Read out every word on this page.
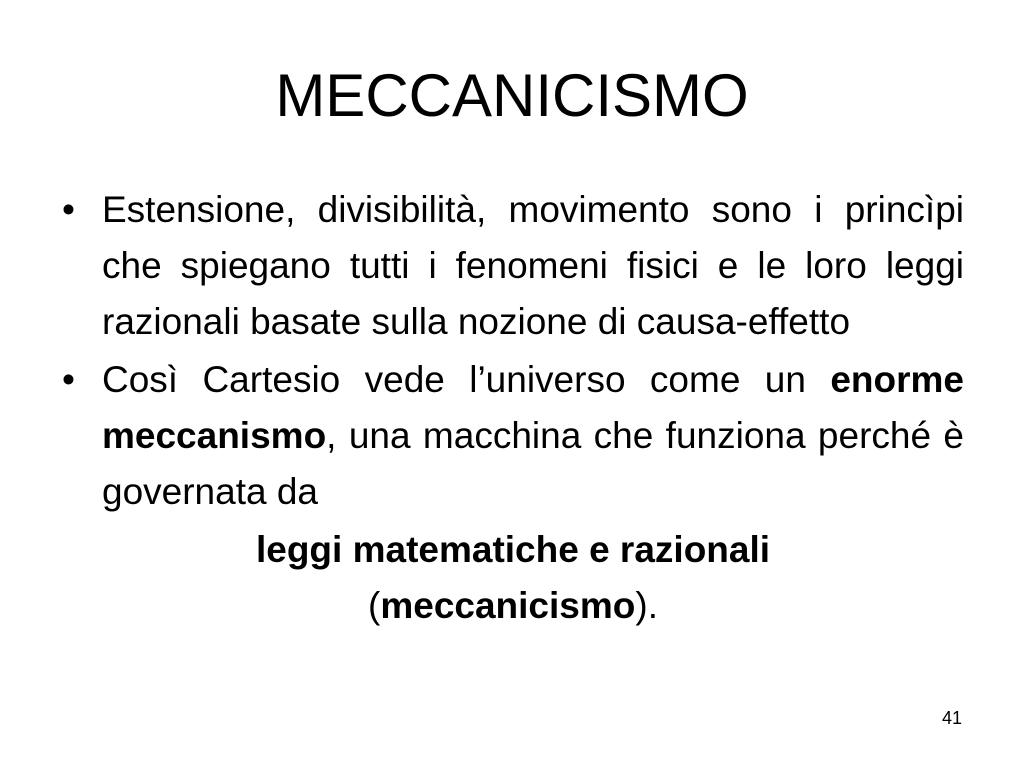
MECCANICISMO
• Estensione, divisibilità, movimento sono i princìpi che spiegano tutti i fenomeni fisici e le loro leggi razionali basate sulla nozione di causa-effetto
• Così Cartesio vede l’universo come un enorme meccanismo, una macchina che funziona perché è governata da
leggi matematiche e razionali
(meccanicismo).
41
